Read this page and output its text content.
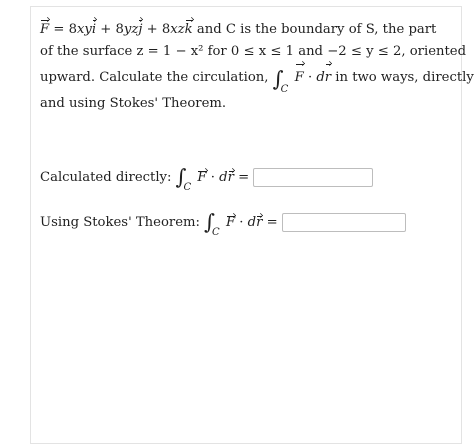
F = 8xyi + 8yzj + 8xzk and C is the boundary of S, the part
of the surface z = 1 − x² for 0 ≤ x ≤ 1 and −2 ≤ y ≤ 2, oriented
upward. Calculate the circulation, ∫
C
F · dr in two ways, directly
and using Stokes' Theorem.
Calculated directly: ∫
C
F · dr =
Using Stokes' Theorem: ∫
C
F · dr =
